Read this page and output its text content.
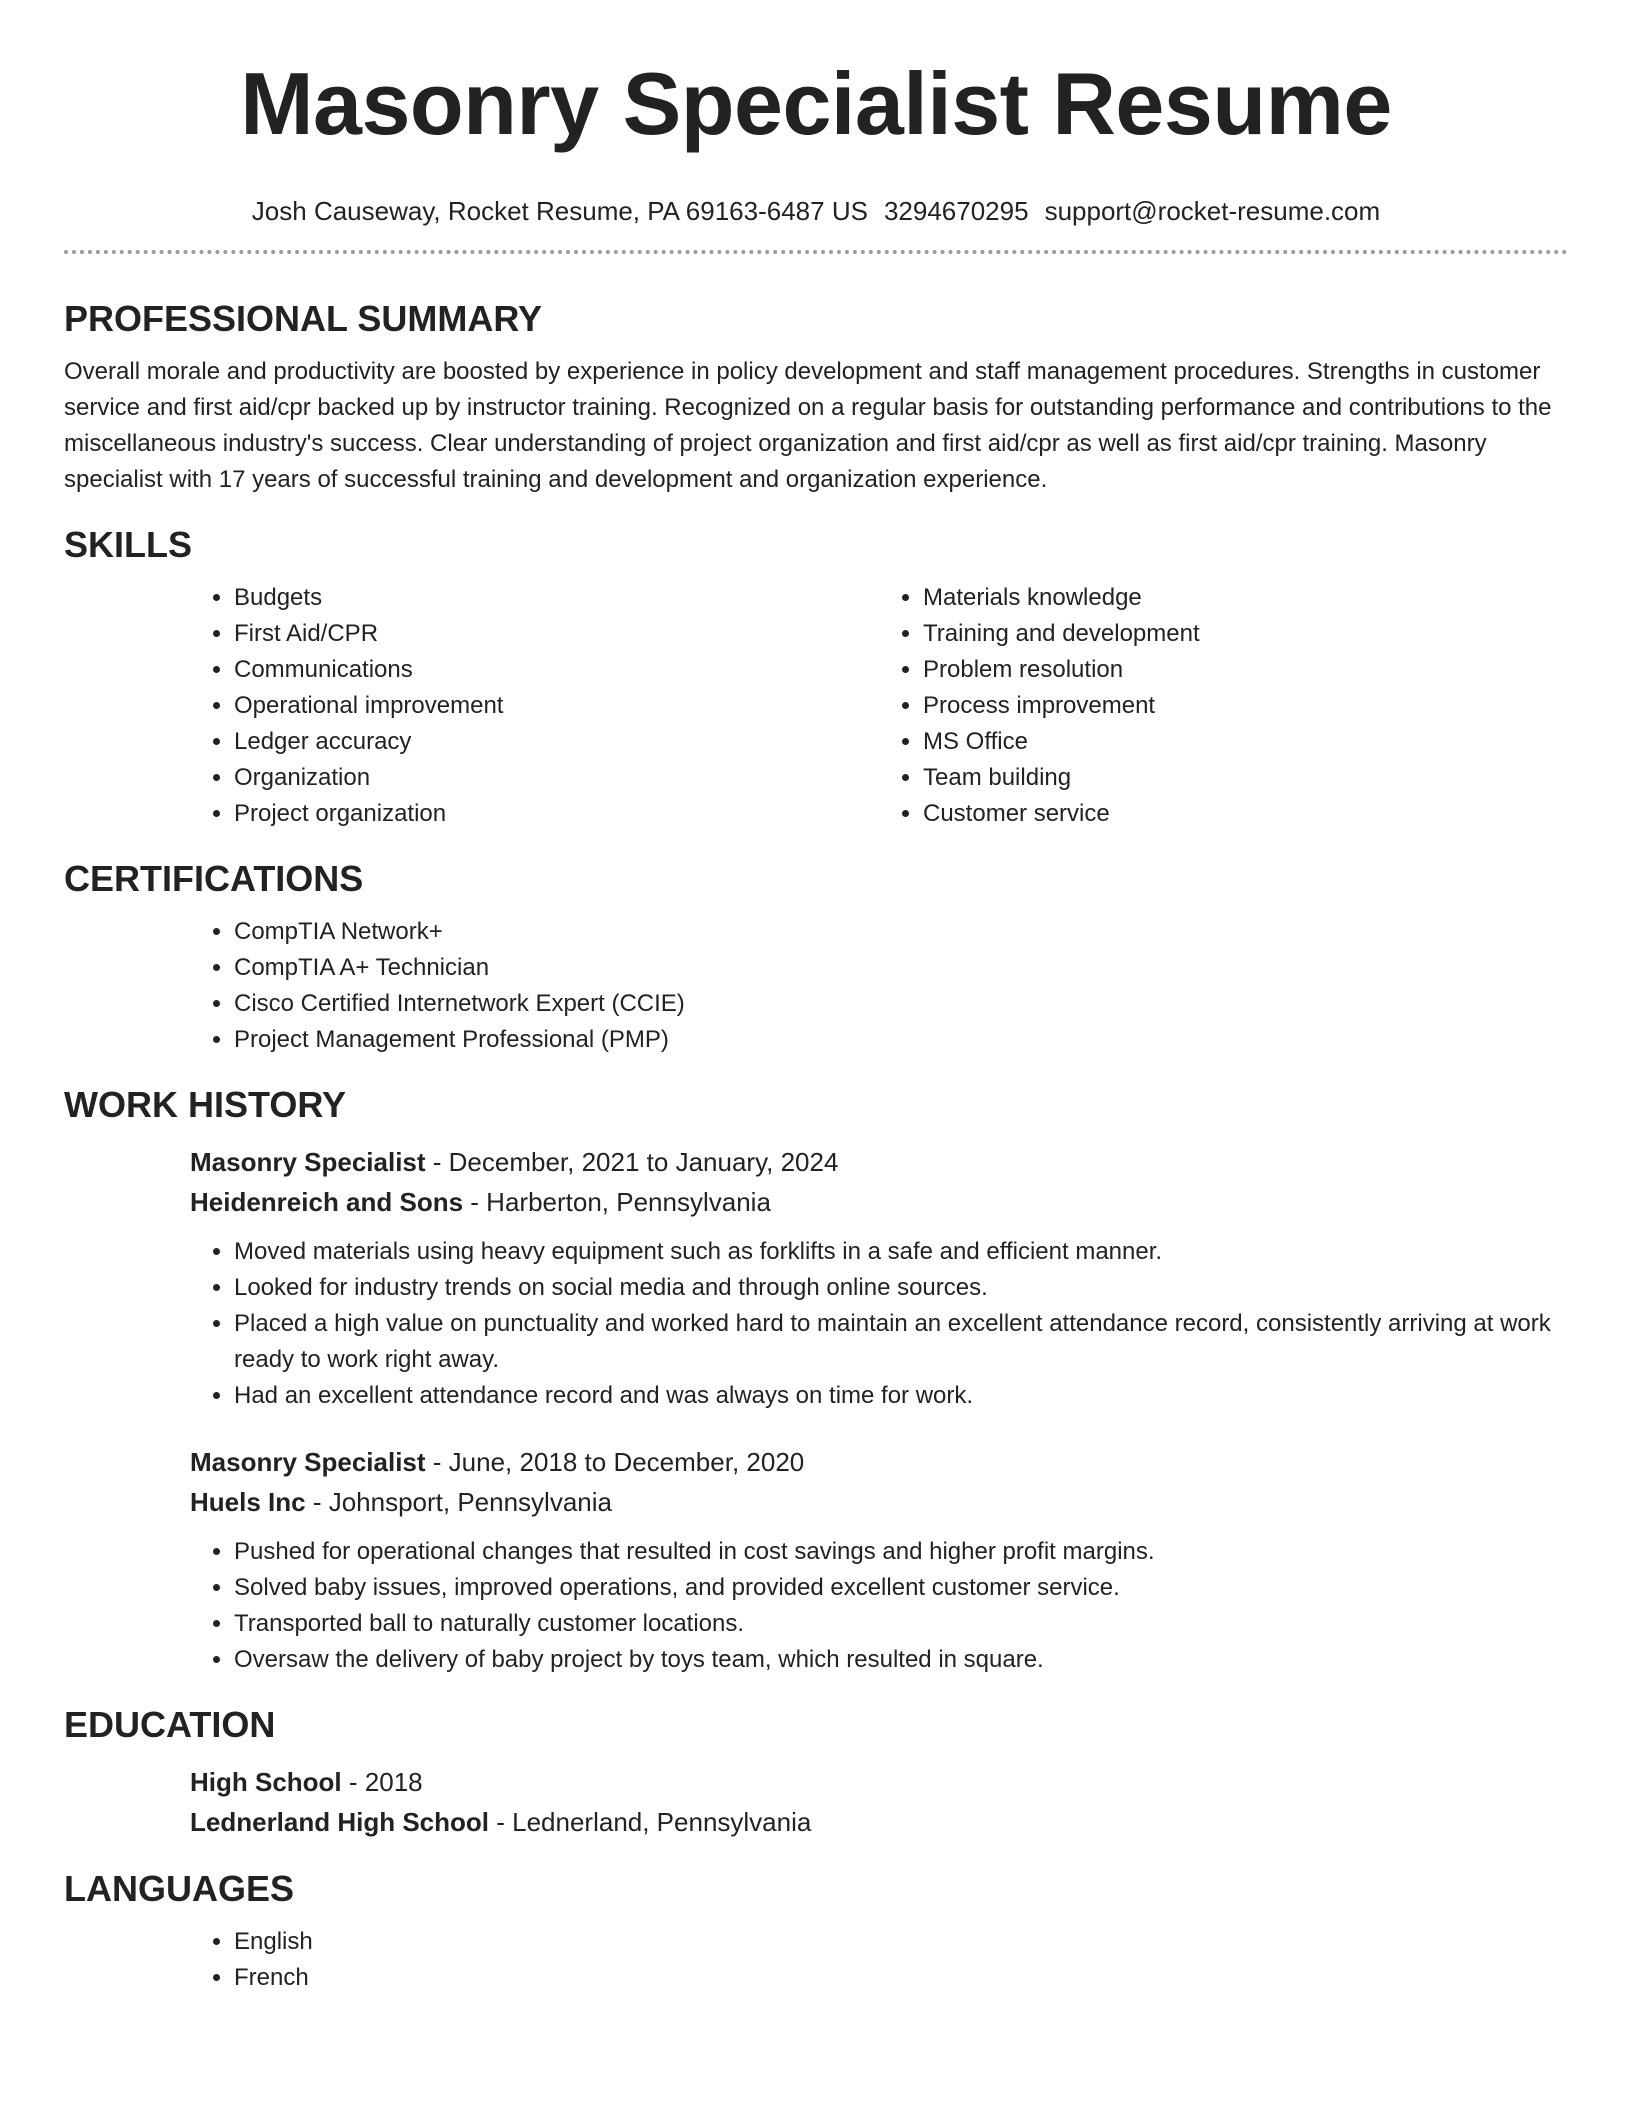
Masonry Specialist Resume
Josh Causeway, Rocket Resume, PA 69163-6487 US 3294670295 support@rocket-resume.com
PROFESSIONAL SUMMARY

Overall morale and productivity are boosted by experience in policy development and staff management procedures. Strengths in customer service and first aid/cpr backed up by instructor training. Recognized on a regular basis for outstanding performance and contributions to the miscellaneous industry's success. Clear understanding of project organization and first aid/cpr as well as first aid/cpr training. Masonry specialist with 17 years of successful training and development and organization experience.

SKILLS
• Budgets
• First Aid/CPR
• Communications
• Operational improvement
• Ledger accuracy
• Organization
• Project organization
• Materials knowledge
• Training and development
• Problem resolution
• Process improvement
• MS Office
• Team building
• Customer service
CERTIFICATIONS
• CompTIA Network+
• CompTIA A+ Technician
• Cisco Certified Internetwork Expert (CCIE)
• Project Management Professional (PMP)
WORK HISTORY
Masonry Specialist - December, 2021 to January, 2024
Heidenreich and Sons - Harberton, Pennsylvania
• Moved materials using heavy equipment such as forklifts in a safe and efficient manner.
• Looked for industry trends on social media and through online sources.
• Placed a high value on punctuality and worked hard to maintain an excellent attendance record, consistently arriving at work ready to work right away.
• Had an excellent attendance record and was always on time for work.
Masonry Specialist - June, 2018 to December, 2020
Huels Inc - Johnsport, Pennsylvania
• Pushed for operational changes that resulted in cost savings and higher profit margins.
• Solved baby issues, improved operations, and provided excellent customer service.
• Transported ball to naturally customer locations.
• Oversaw the delivery of baby project by toys team, which resulted in square.
EDUCATION
High School - 2018
Lednerland High School - Lednerland, Pennsylvania
LANGUAGES
• English
• French
